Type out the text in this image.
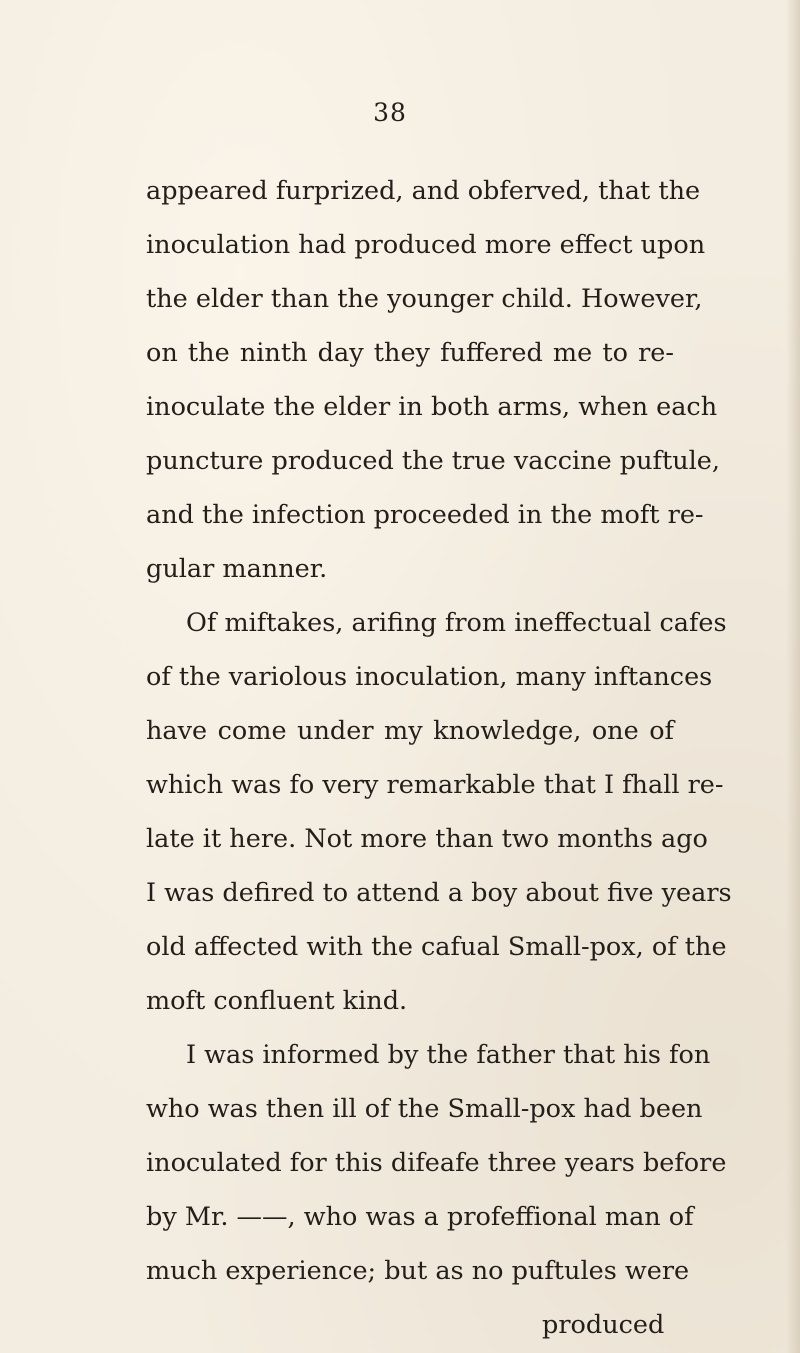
38
appeared furprized, and obferved, that the
inoculation had produced more effect upon
the elder than the younger child. However,
on the ninth day they fuffered me to re-
inoculate the elder in both arms, when each
puncture produced the true vaccine puftule,
and the infection proceeded in the moft re-
gular manner.
Of miftakes, arifing from ineffectual cafes
of the variolous inoculation, many inftances
have come under my knowledge, one of
which was fo very remarkable that I fhall re-
late it here. Not more than two months ago
I was defired to attend a boy about five years
old affected with the cafual Small-pox, of the
moft confluent kind.
I was informed by the father that his fon
who was then ill of the Small-pox had been
inoculated for this difeafe three years before
by Mr. ——, who was a profeffional man of
much experience; but as no puftules were
produced
